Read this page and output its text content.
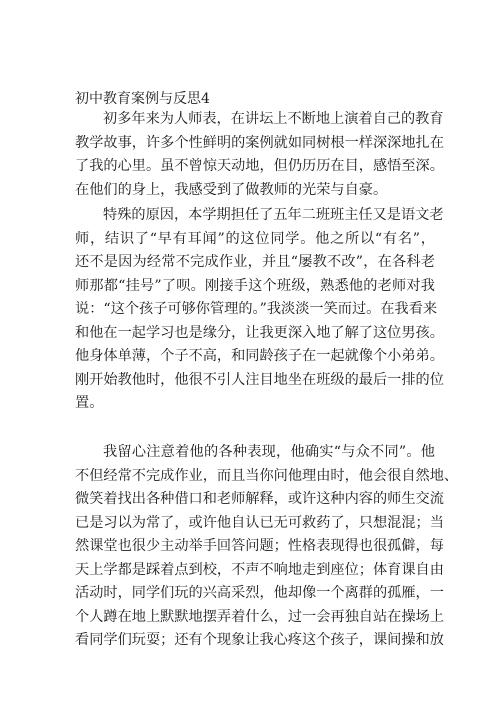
初中教育案例与反思4
初多年来为人师表，在讲坛上不断地上演着自己的教育
教学故事，许多个性鲜明的案例就如同树根一样深深地扎在
了我的心里。虽不曾惊天动地，但仍历历在目，感悟至深。
在他们的身上，我感受到了做教师的光荣与自豪。
特殊的原因，本学期担任了五年二班班主任又是语文老
师，结识了“早有耳闻”的这位同学。他之所以“有名”，
还不是因为经常不完成作业，并且“屡教不改”，在各科老
师那都“挂号”了呗。刚接手这个班级，熟悉他的老师对我
说：“这个孩子可够你管理的。”我淡淡一笑而过。在我看来
和他在一起学习也是缘分，让我更深入地了解了这位男孩。
他身体单薄，个子不高，和同龄孩子在一起就像个小弟弟。
刚开始教他时，他很不引人注目地坐在班级的最后一排的位
置。
我留心注意着他的各种表现，他确实“与众不同”。他
不但经常不完成作业，而且当你问他理由时，他会很自然地、
微笑着找出各种借口和老师解释，或许这种内容的师生交流
已是习以为常了，或许他自认已无可救药了，只想混混；当
然课堂也很少主动举手回答问题；性格表现得也很孤僻，每
天上学都是踩着点到校，不声不响地走到座位；体育课自由
活动时，同学们玩的兴高采烈，他却像一个离群的孤雁，一
个人蹲在地上默默地摆弄着什么，过一会再独自站在操场上
看同学们玩耍；还有个现象让我心疼这个孩子，课间操和放
